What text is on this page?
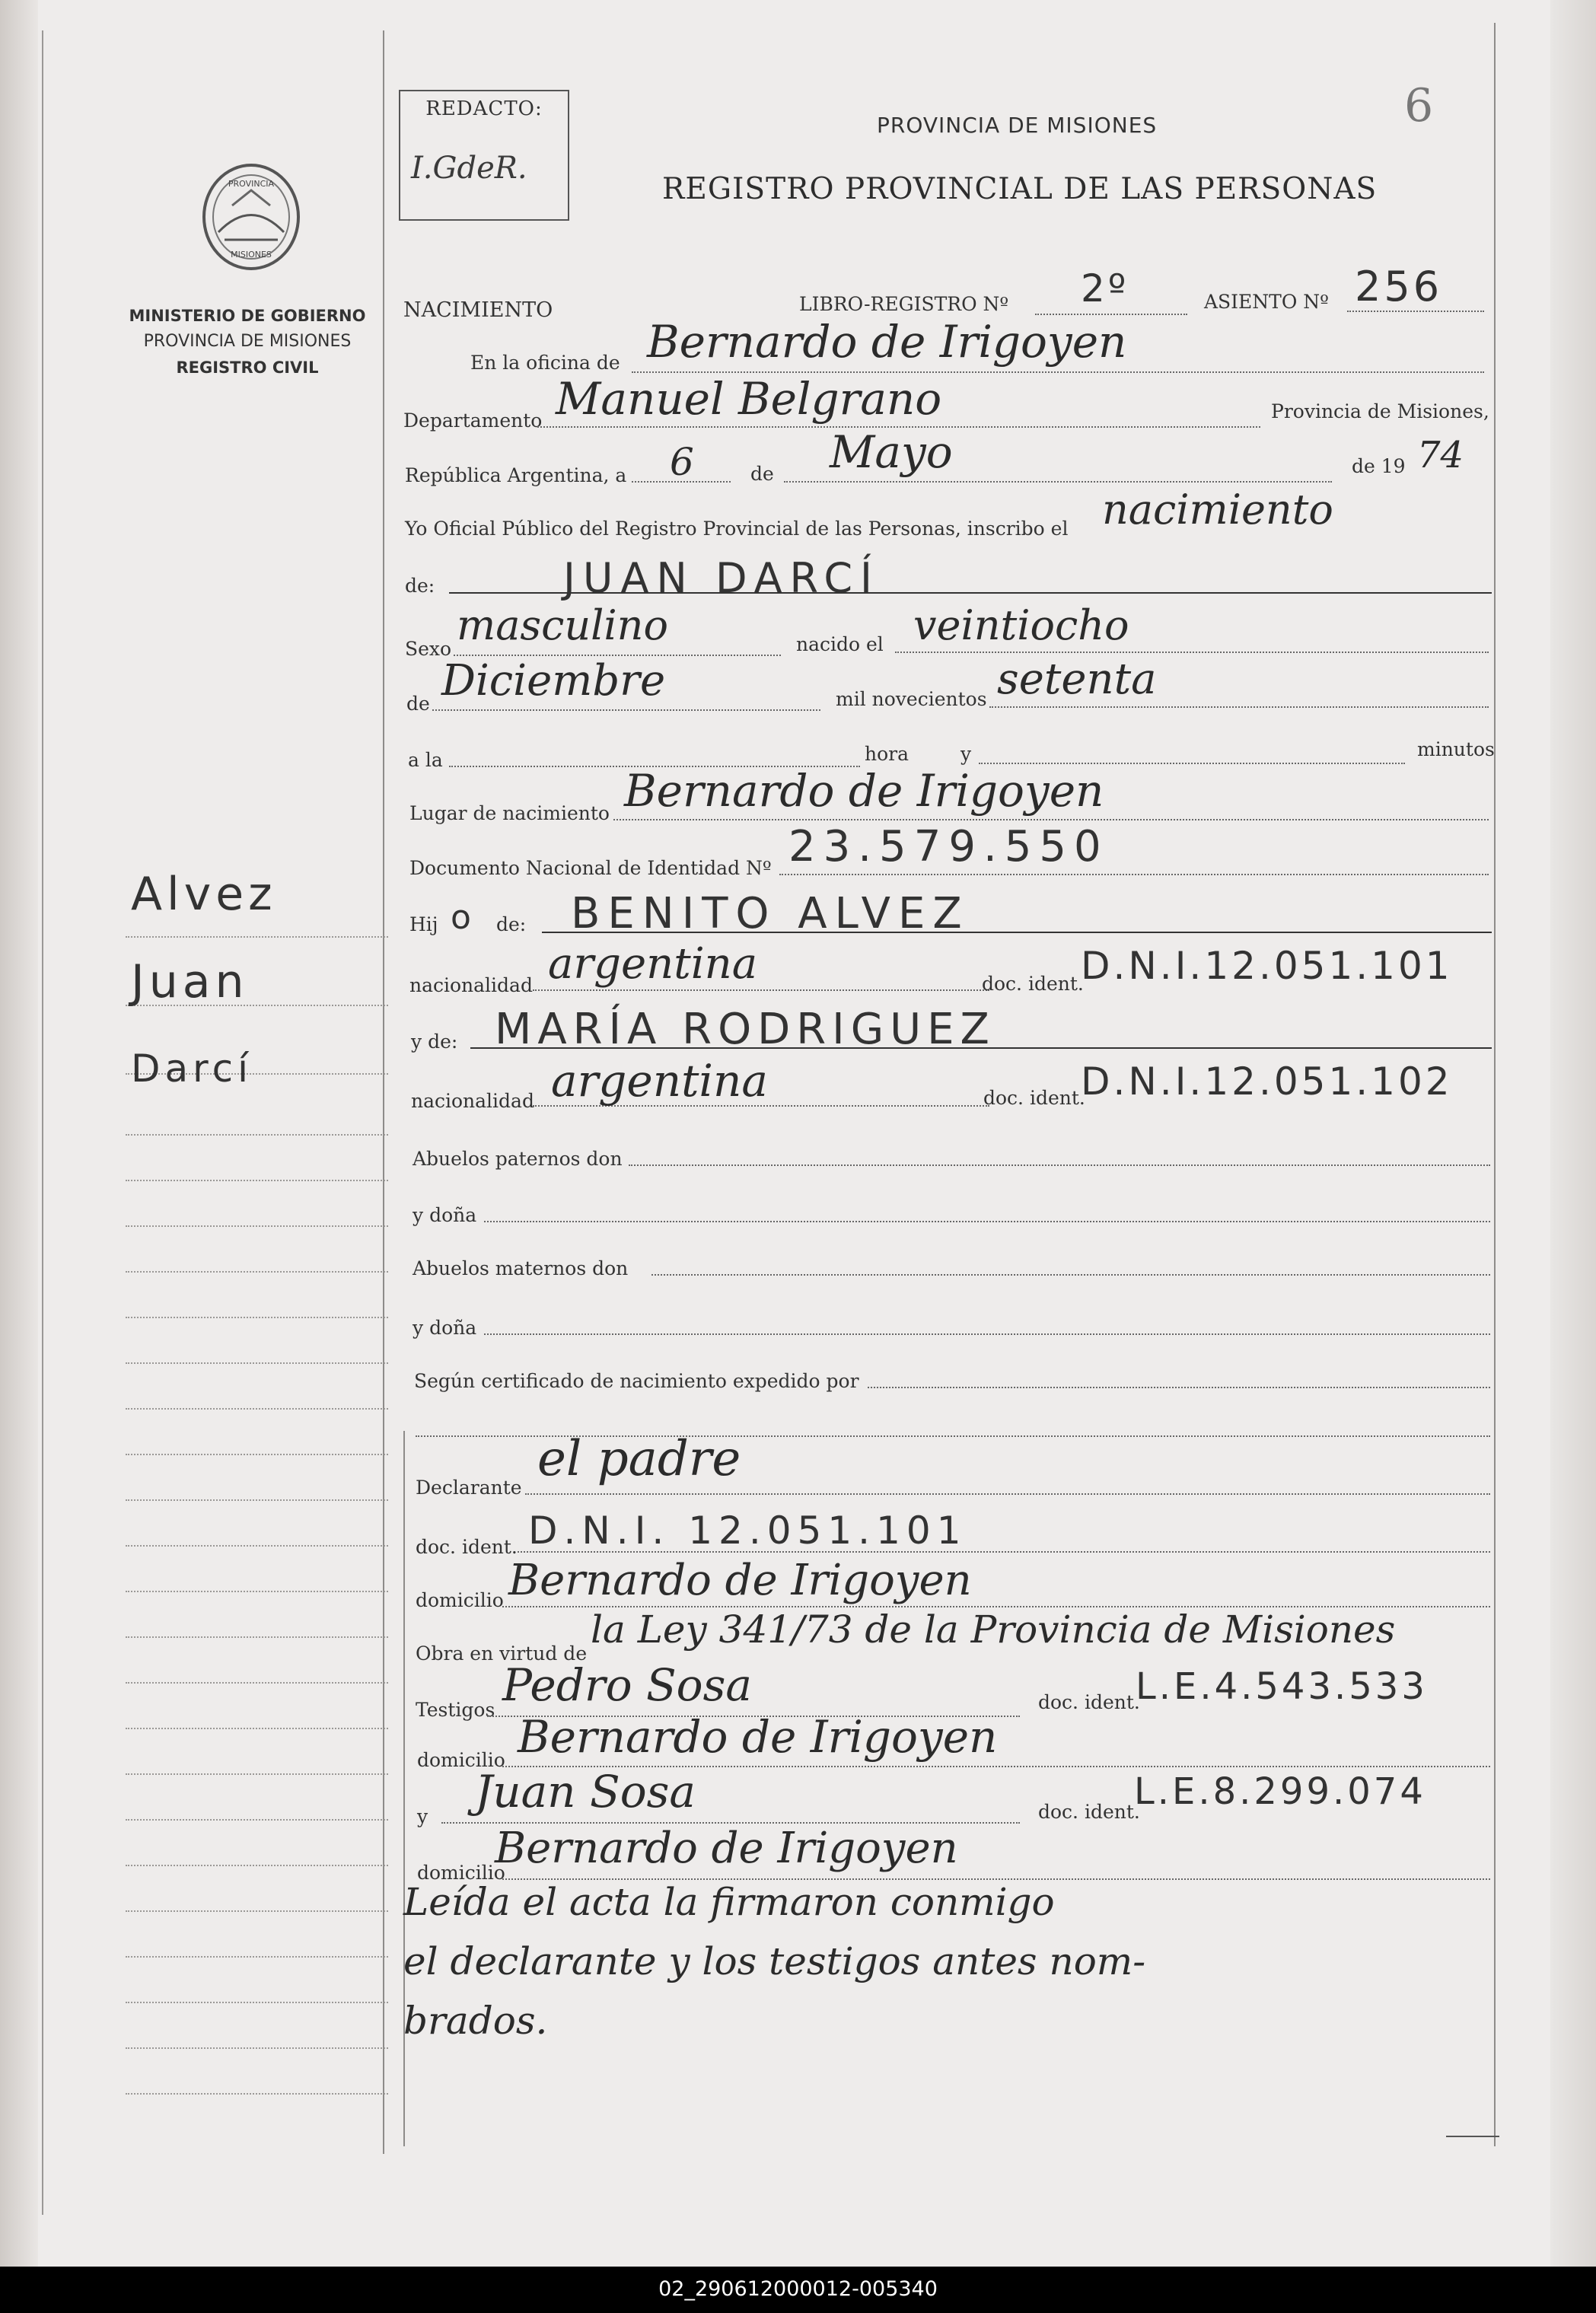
PROVINCIA
MISIONES
MINISTERIO DE GOBIERNO
PROVINCIA DE MISIONES
REGISTRO CIVIL
Alvez
Juan
Darcí
REDACTO:
I.GdeR.
6
PROVINCIA DE MISIONES
REGISTRO PROVINCIAL DE LAS PERSONAS
NACIMIENTO	LIBRO-REGISTRO Nº 2º	ASIENTO Nº 256
En la oficina de Bernardo de Irigoyen
Departamento Manuel Belgrano	Provincia de Misiones,
República Argentina, a 6	de Mayo	de 19 74
Yo Oficial Público del Registro Provincial de las Personas, inscribo el nacimiento
de:	JUAN DARCÍ
Sexo masculino	nacido el veintiocho
de Diciembre	mil novecientos setenta
a la	hora	y	minutos
Lugar de nacimiento Bernardo de Irigoyen
Documento Nacional de Identidad Nº 23.579.550
Hij o de: BENITO ALVEZ
nacionalidad argentina	doc. ident.
D.N.I.12.051.101
y de: MARÍA RODRIGUEZ
nacionalidad argentina	doc. ident.
D.N.I.12.051.102
Abuelos paternos don
y doña
Abuelos maternos don
y doña
Según certificado de nacimiento expedido por
Declarante
el padre
doc. ident. D.N.I. 12.051.101
domicilio Bernardo de Irigoyen
Obra en virtud de
la Ley 341/73 de la Provincia de Misiones
Testigos Pedro Sosa	doc. ident.
L.E.4.543.533
domicilio Bernardo de Irigoyen
y Juan Sosa	doc. ident.
L.E.8.299.074
domicilio
Bernardo de Irigoyen
Leída el acta la firmaron conmigo
el declarante y los testigos antes nom-
brados.
02_290612000012-005340
